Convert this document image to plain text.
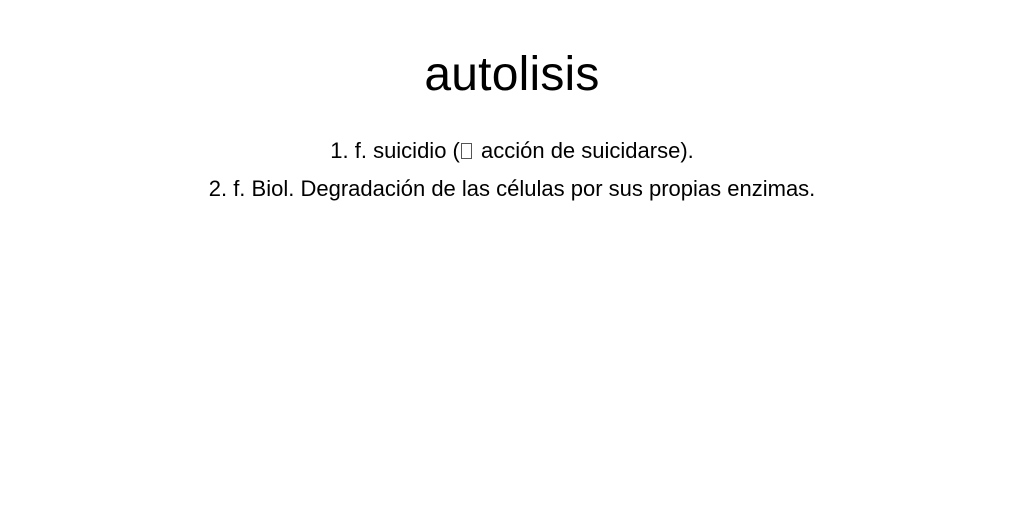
autolisis
1. f. suicidio ( acción de suicidarse).
2. f. Biol. Degradación de las células por sus propias enzimas.
